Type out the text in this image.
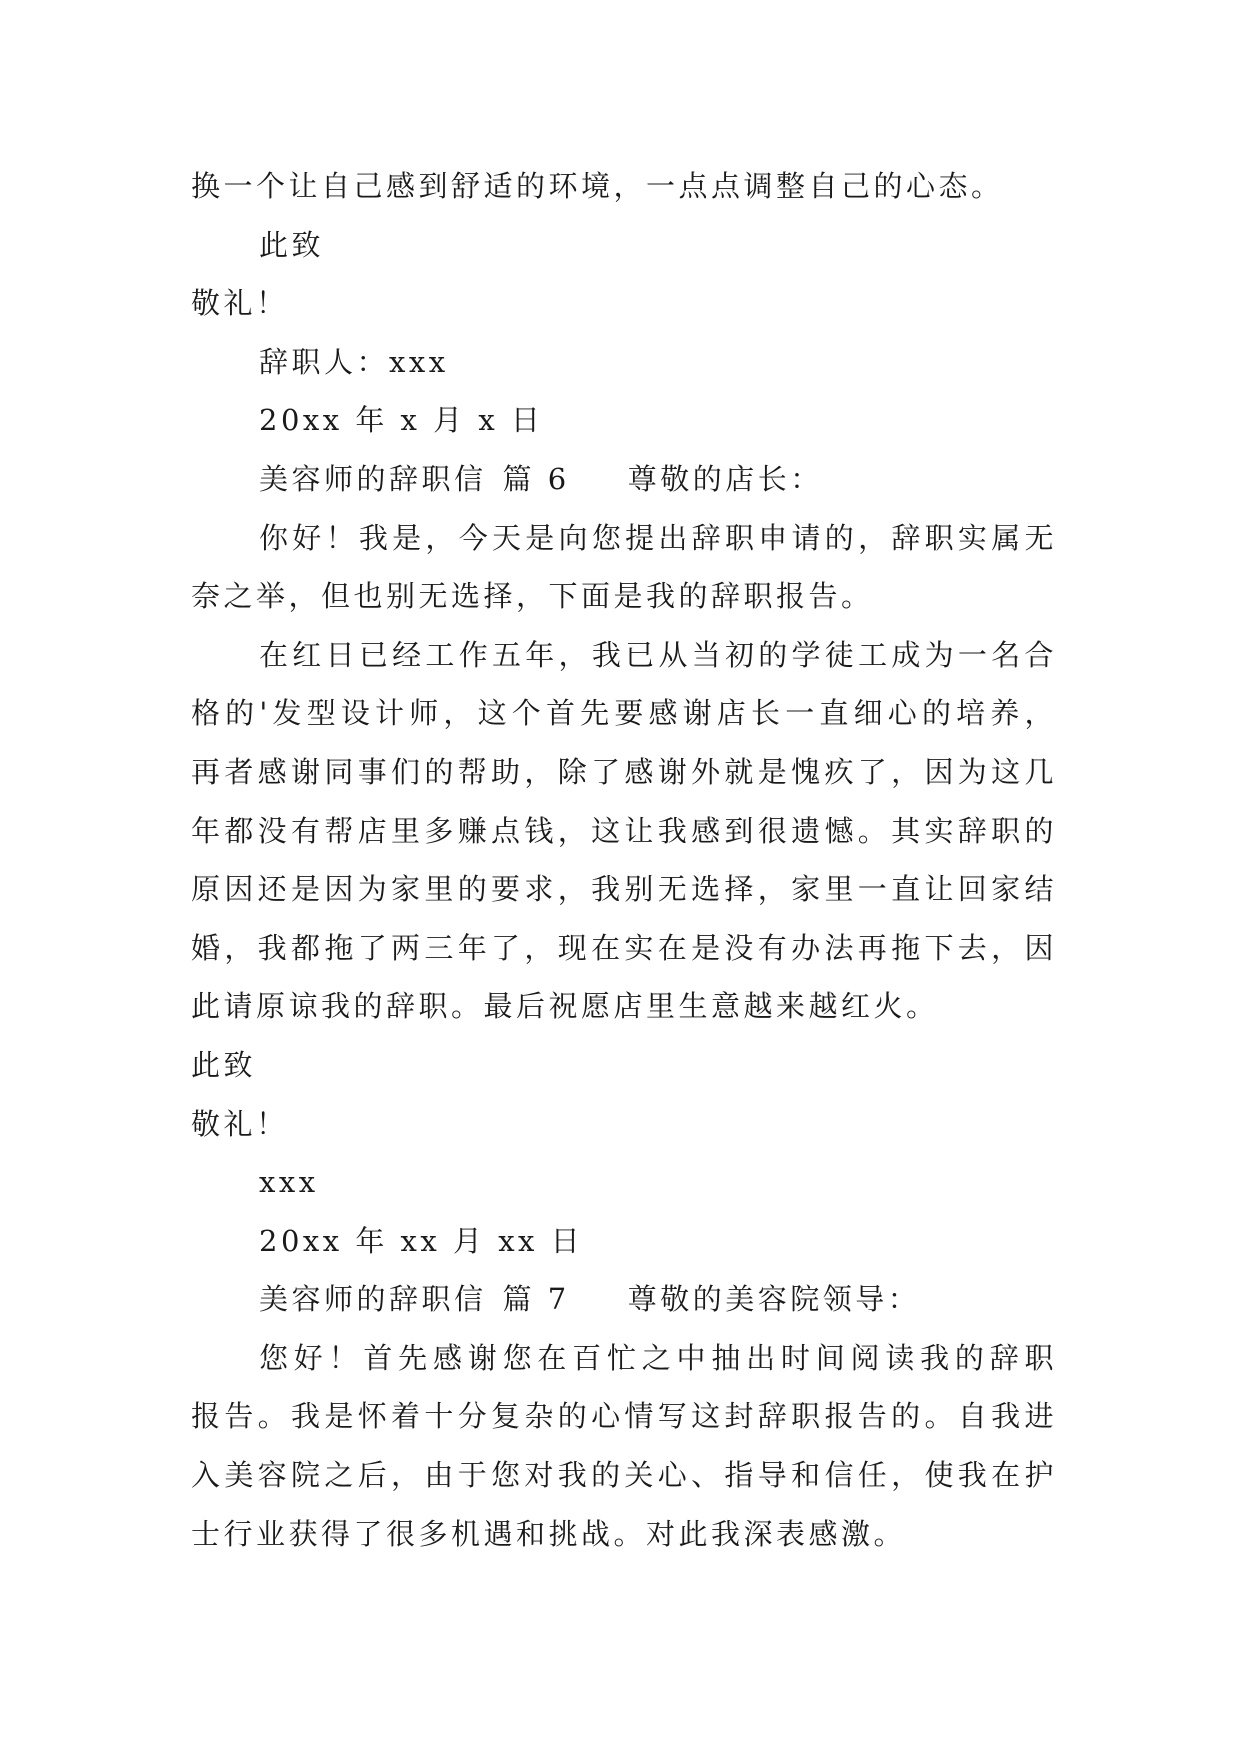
换一个让自己感到舒适的环境，一点点调整自己的心态。
此致
敬礼！
辞职人：xxx
20xx 年 x 月 x 日
美容师的辞职信 篇 6 尊敬的店长：
你好！我是，今天是向您提出辞职申请的，辞职实属无
奈之举，但也别无选择，下面是我的辞职报告。
在红日已经工作五年，我已从当初的学徒工成为一名合
格的'发型设计师，这个首先要感谢店长一直细心的培养，
再者感谢同事们的帮助，除了感谢外就是愧疚了，因为这几
年都没有帮店里多赚点钱，这让我感到很遗憾。其实辞职的
原因还是因为家里的要求，我别无选择，家里一直让回家结
婚，我都拖了两三年了，现在实在是没有办法再拖下去，因
此请原谅我的辞职。最后祝愿店里生意越来越红火。
此致
敬礼！
xxx
20xx 年 xx 月 xx 日
美容师的辞职信 篇 7 尊敬的美容院领导：
您好！首先感谢您在百忙之中抽出时间阅读我的辞职
报告。我是怀着十分复杂的心情写这封辞职报告的。自我进
入美容院之后，由于您对我的关心、指导和信任，使我在护
士行业获得了很多机遇和挑战。对此我深表感激。
